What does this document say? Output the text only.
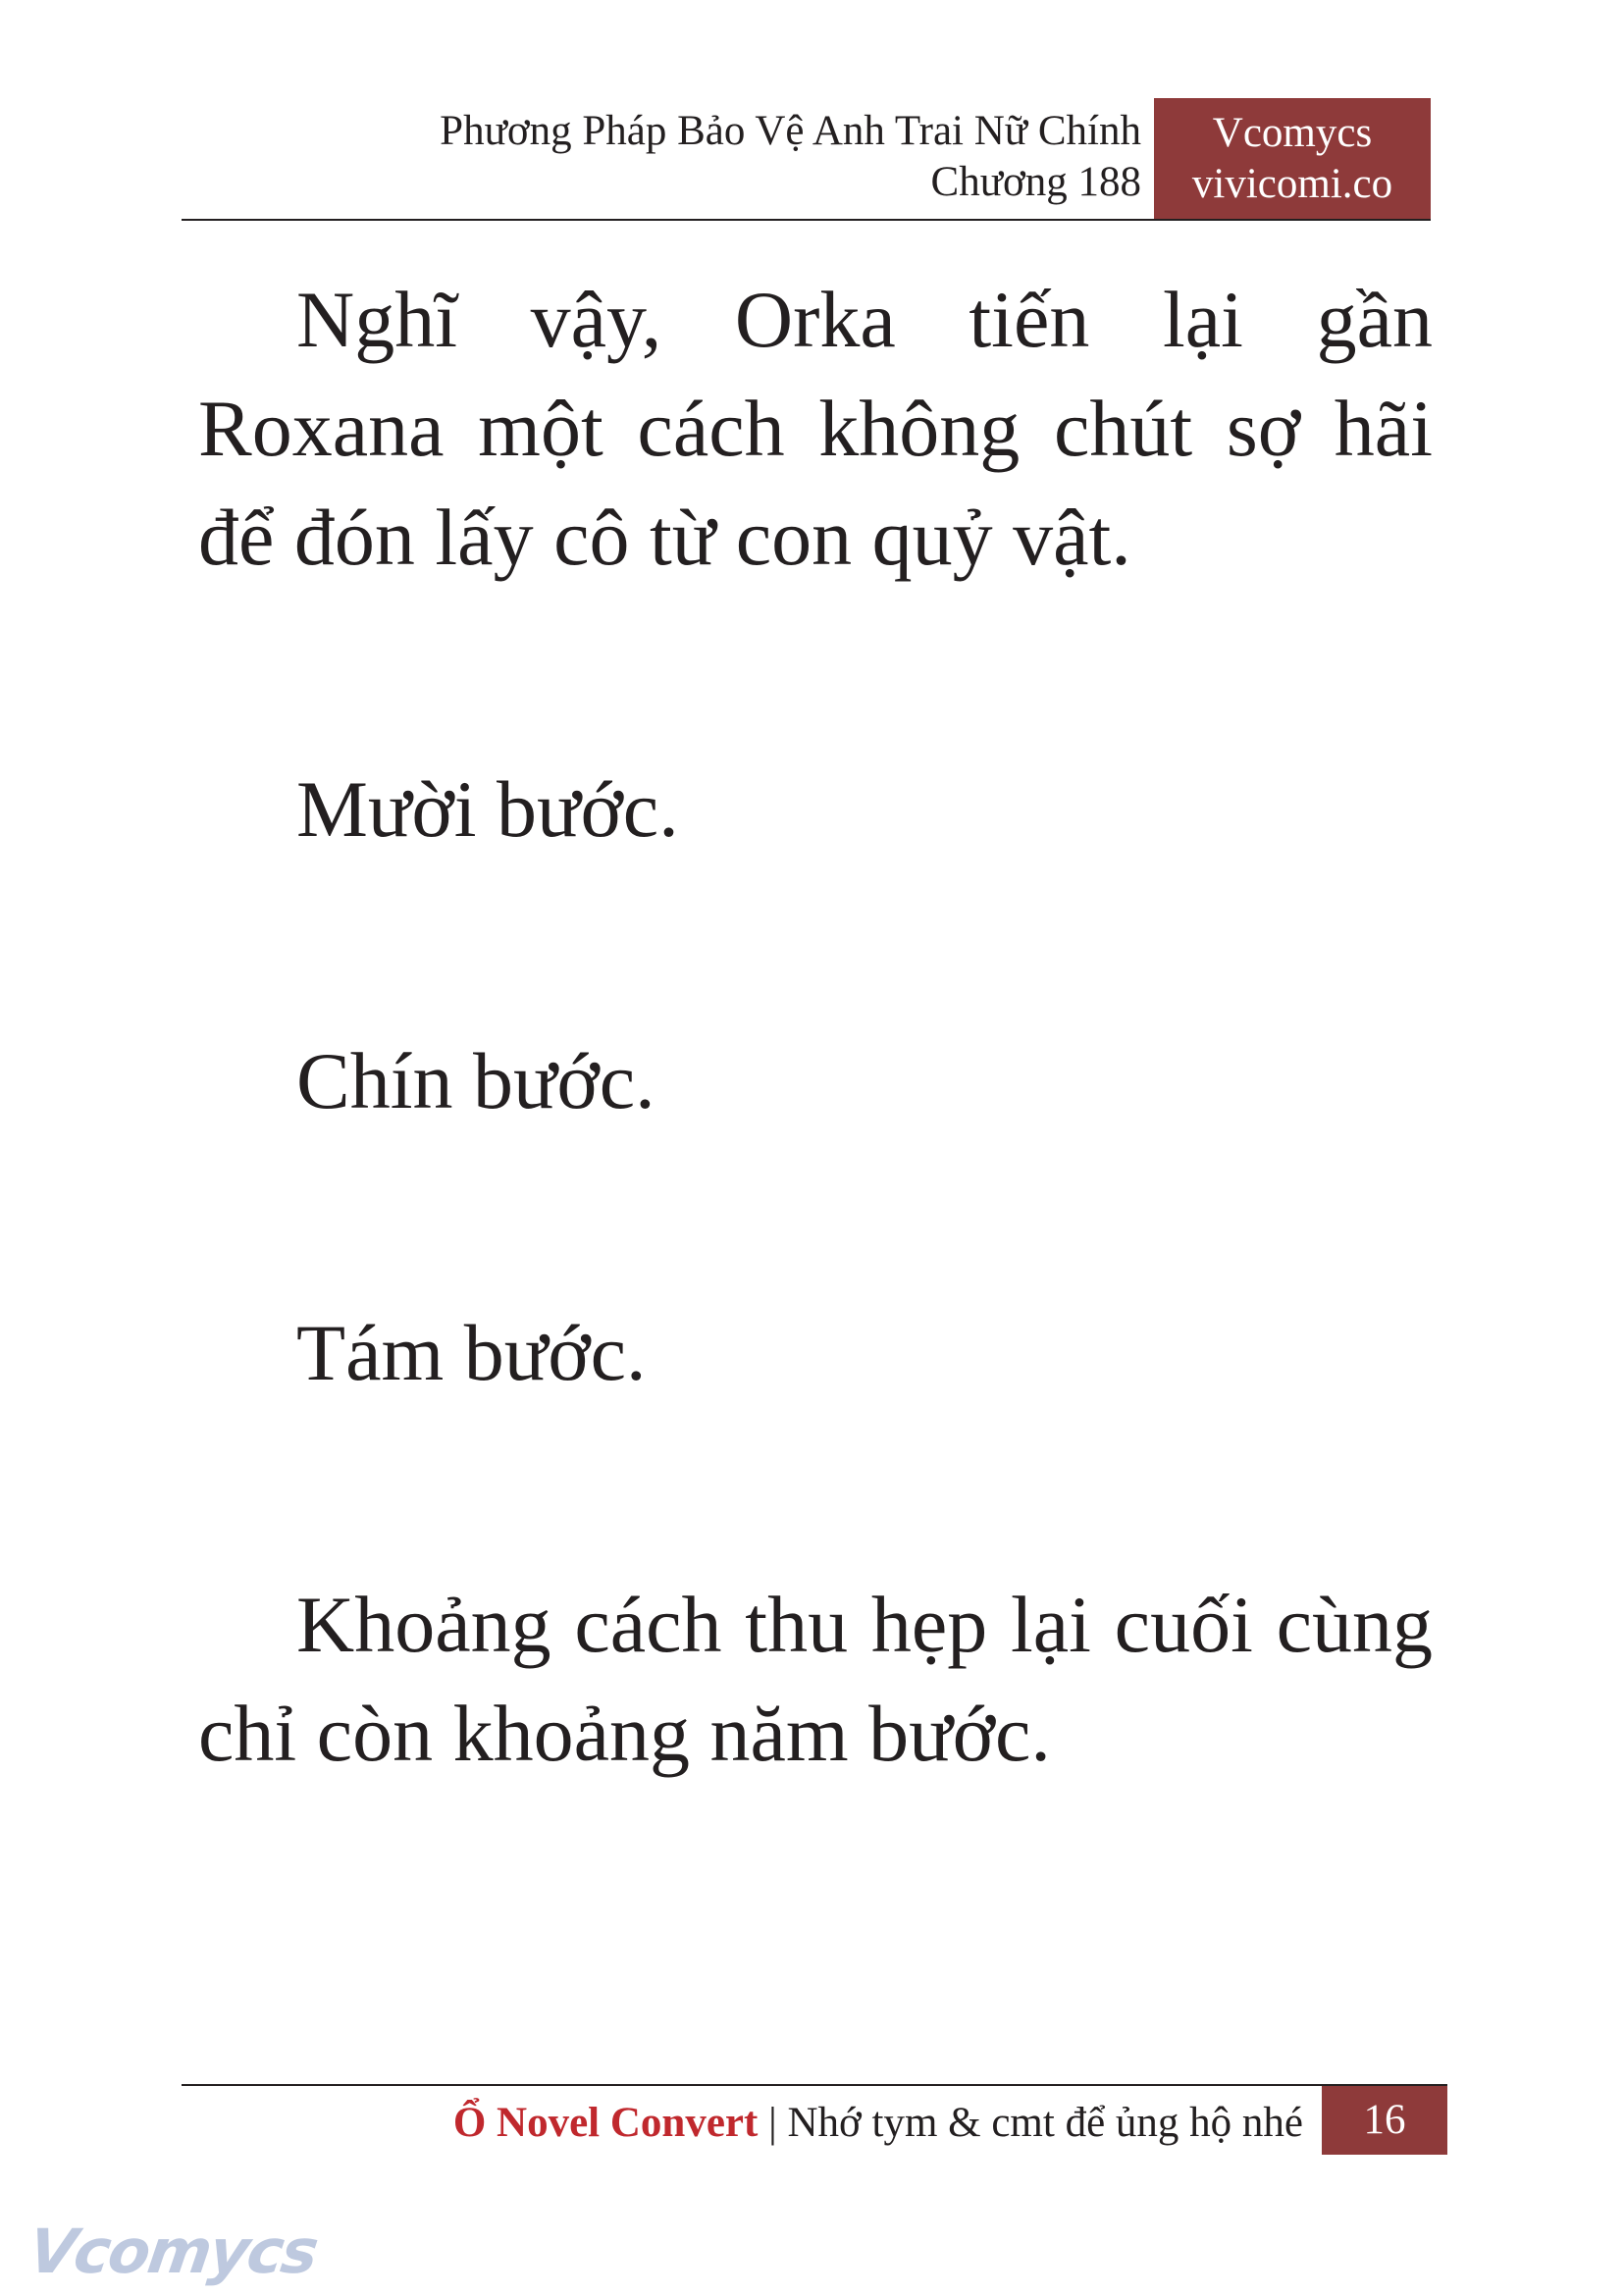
Phương Pháp Bảo Vệ Anh Trai Nữ Chính
Chương 188
Vcomycs
vivicomi.co

Nghĩ vậy, Orka tiến lại gần Roxana một cách không chút sợ hãi để đón lấy cô từ con quỷ vật.

Mười bước.

Chín bước.

Tám bước.

Khoảng cách thu hẹp lại cuối cùng chỉ còn khoảng năm bước.

Ổ Novel Convert | Nhớ tym & cmt để ủng hộ nhé	16
Vcomycs
